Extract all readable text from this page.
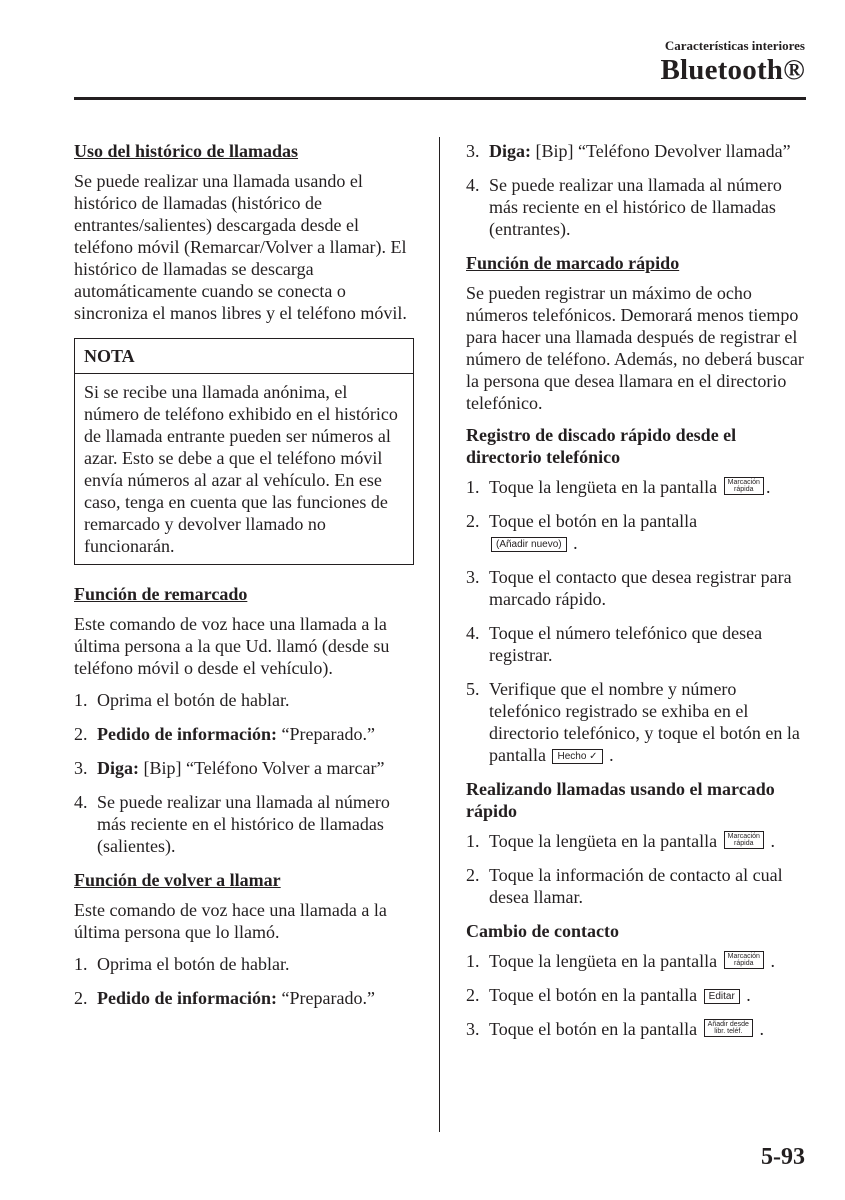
Características interiores
Bluetooth®
Uso del histórico de llamadas

Se puede realizar una llamada usando el histórico de llamadas (histórico de entrantes/salientes) descargada desde el teléfono móvil (Remarcar/Volver a llamar). El histórico de llamadas se descarga automáticamente cuando se conecta o sincroniza el manos libres y el teléfono móvil.

NOTA
Si se recibe una llamada anónima, el número de teléfono exhibido en el histórico de llamada entrante pueden ser números al azar. Esto se debe a que el teléfono móvil envía números al azar al vehículo. En ese caso, tenga en cuenta que las funciones de remarcado y devolver llamado no funcionarán.
Función de remarcado

Este comando de voz hace una llamada a la última persona a la que Ud. llamó (desde su teléfono móvil o desde el vehículo).

1. Oprima el botón de hablar.
2. Pedido de información: “Preparado.”
3. Diga: [Bip] “Teléfono Volver a marcar”
4. Se puede realizar una llamada al número más reciente en el histórico de llamadas (salientes).
Función de volver a llamar

Este comando de voz hace una llamada a la última persona que lo llamó.

1. Oprima el botón de hablar.
2. Pedido de información: “Preparado.”
3. Diga: [Bip] “Teléfono Devolver llamada”
4. Se puede realizar una llamada al número más reciente en el histórico de llamadas (entrantes).
Función de marcado rápido

Se pueden registrar un máximo de ocho números telefónicos. Demorará menos tiempo para hacer una llamada después de registrar el número de teléfono. Además, no deberá buscar la persona que desea llamara en el directorio telefónico.

Registro de discado rápido desde el directorio telefónico
1. Toque la lengüeta en la pantalla Marcación
rápida .
2. Toque el botón en la pantalla
(Añadir nuevo) .
3. Toque el contacto que desea registrar para marcado rápido.
4. Toque el número telefónico que desea registrar.
5. Verifique que el nombre y número telefónico registrado se exhiba en el directorio telefónico, y toque el botón en la pantalla Hecho ✓ .
Realizando llamadas usando el marcado rápido
1. Toque la lengüeta en la pantalla Marcación
rápida .
2. Toque la información de contacto al cual desea llamar.
Cambio de contacto
1. Toque la lengüeta en la pantalla Marcación
rápida .
2. Toque el botón en la pantalla Editar .
3. Toque el botón en la pantalla Añadir desde
libr. teléf. .
5-93
